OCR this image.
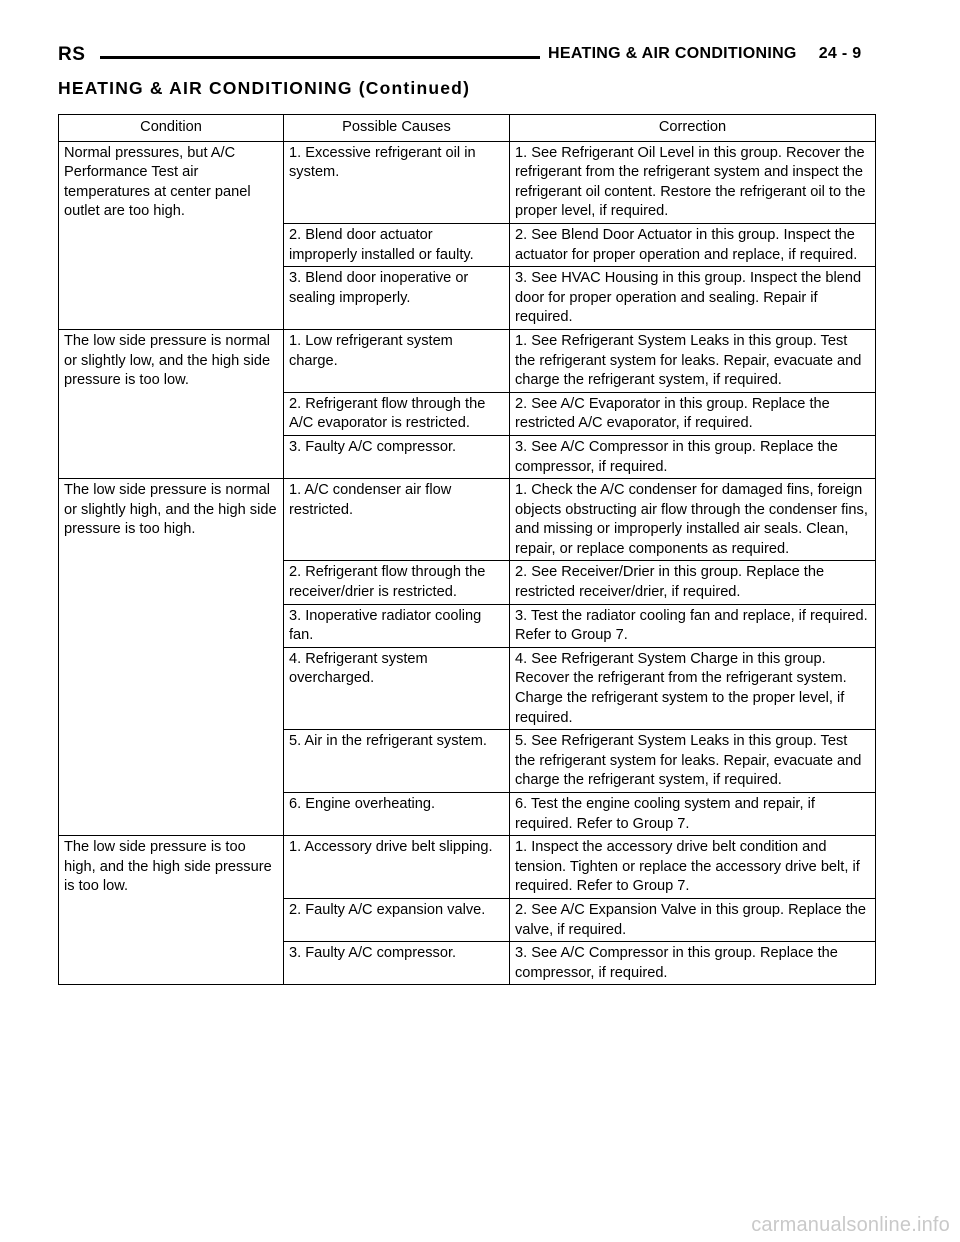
RS	HEATING & AIR CONDITIONING 24 - 9
HEATING & AIR CONDITIONING (Continued)
Condition	Possible Causes	Correction
Normal pressures, but A/C Performance Test air temperatures at center panel outlet are too high.	1. Excessive refrigerant oil in system.	1. See Refrigerant Oil Level in this group. Recover the refrigerant from the refrigerant system and inspect the refrigerant oil content. Restore the refrigerant oil to the proper level, if required.
	2. Blend door actuator improperly installed or faulty.	2. See Blend Door Actuator in this group. Inspect the actuator for proper operation and replace, if required.
	3. Blend door inoperative or sealing improperly.	3. See HVAC Housing in this group. Inspect the blend door for proper operation and sealing. Repair if required.
The low side pressure is normal or slightly low, and the high side pressure is too low.	1. Low refrigerant system charge.	1. See Refrigerant System Leaks in this group. Test the refrigerant system for leaks. Repair, evacuate and charge the refrigerant system, if required.
	2. Refrigerant flow through the A/C evaporator is restricted.	2. See A/C Evaporator in this group. Replace the restricted A/C evaporator, if required.
	3. Faulty A/C compressor.	3. See A/C Compressor in this group. Replace the compressor, if required.
The low side pressure is normal or slightly high, and the high side pressure is too high.	1. A/C condenser air flow restricted.	1. Check the A/C condenser for damaged fins, foreign objects obstructing air flow through the condenser fins, and missing or improperly installed air seals. Clean, repair, or replace components as required.
	2. Refrigerant flow through the receiver/drier is restricted.	2. See Receiver/Drier in this group. Replace the restricted receiver/drier, if required.
	3. Inoperative radiator cooling fan.	3. Test the radiator cooling fan and replace, if required. Refer to Group 7.
	4. Refrigerant system overcharged.	4. See Refrigerant System Charge in this group. Recover the refrigerant from the refrigerant system. Charge the refrigerant system to the proper level, if required.
	5. Air in the refrigerant system.	5. See Refrigerant System Leaks in this group. Test the refrigerant system for leaks. Repair, evacuate and charge the refrigerant system, if required.
	6. Engine overheating.	6. Test the engine cooling system and repair, if required. Refer to Group 7.
The low side pressure is too high, and the high side pressure is too low.	1. Accessory drive belt slipping.	1. Inspect the accessory drive belt condition and tension. Tighten or replace the accessory drive belt, if required. Refer to Group 7.
	2. Faulty A/C expansion valve.	2. See A/C Expansion Valve in this group. Replace the valve, if required.
	3. Faulty A/C compressor.	3. See A/C Compressor in this group. Replace the compressor, if required.
carmanualsonline.info
